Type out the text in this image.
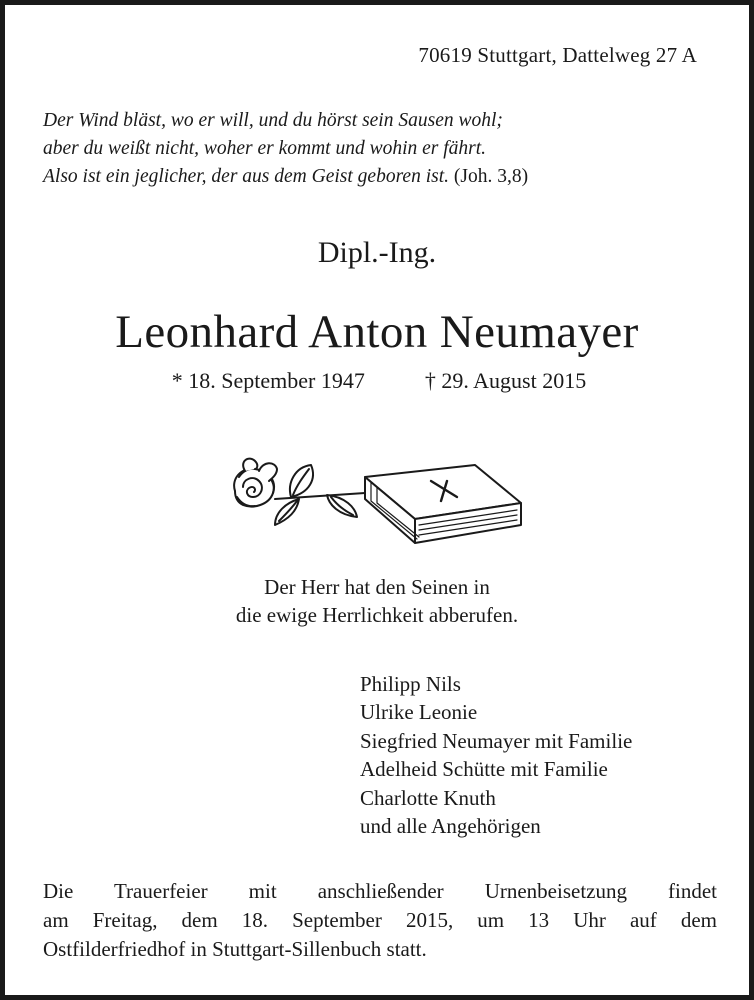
70619 Stuttgart, Dattelweg 27 A
Der Wind bläst, wo er will, und du hörst sein Sausen wohl;
aber du weißt nicht, woher er kommt und wohin er fährt.
Also ist ein jeglicher, der aus dem Geist geboren ist. (Joh. 3,8)
Dipl.-Ing.
Leonhard Anton Neumayer
* 18. September 1947	† 29. August 2015
Der Herr hat den Seinen in
die ewige Herrlichkeit abberufen.
Philipp Nils
Ulrike Leonie
Siegfried Neumayer mit Familie
Adelheid Schütte mit Familie
Charlotte Knuth
und alle Angehörigen
Die Trauerfeier mit anschließender Urnenbeisetzung findet
am Freitag, dem 18. September 2015, um 13 Uhr auf dem
Ostfilderfriedhof in Stuttgart-Sillenbuch statt.
